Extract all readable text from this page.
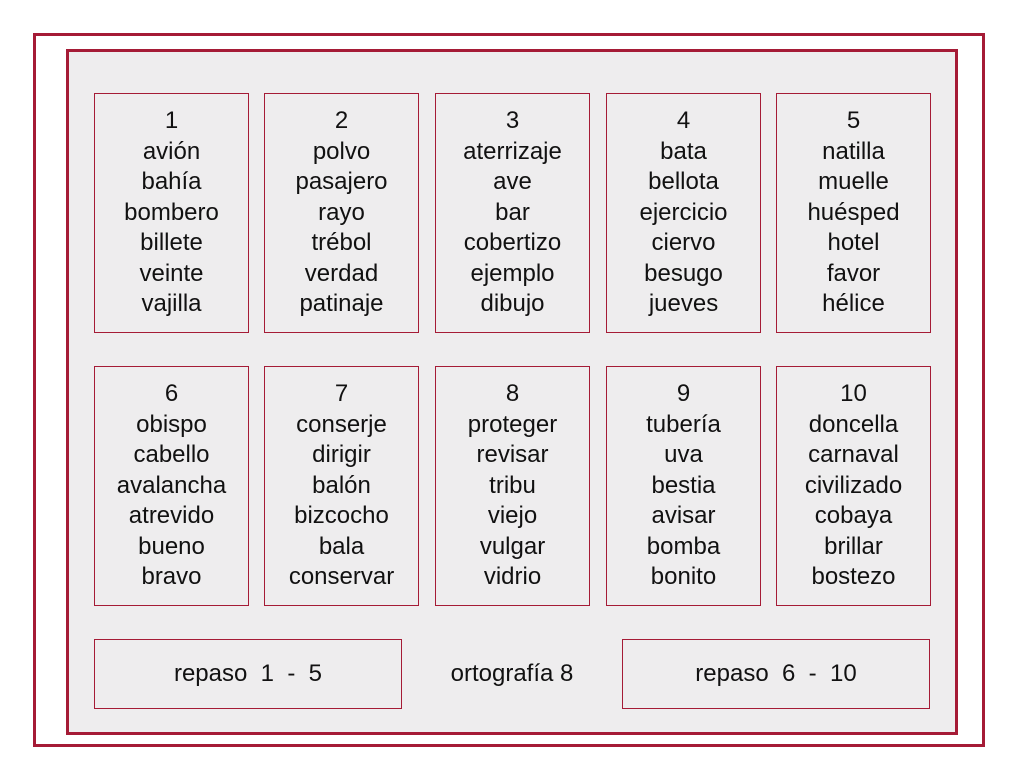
1
avión
bahía
bombero
billete
veinte
vajilla
2
polvo
pasajero
rayo
trébol
verdad
patinaje
3
aterrizaje
ave
bar
cobertizo
ejemplo
dibujo
4
bata
bellota
ejercicio
ciervo
besugo
jueves
5
natilla
muelle
huésped
hotel
favor
hélice
6
obispo
cabello
avalancha
atrevido
bueno
bravo
7
conserje
dirigir
balón
bizcocho
bala
conservar
8
proteger
revisar
tribu
viejo
vulgar
vidrio
9
tubería
uva
bestia
avisar
bomba
bonito
10
doncella
carnaval
civilizado
cobaya
brillar
bostezo
repaso  1  -  5	ortografía 8	repaso  6  -  10
